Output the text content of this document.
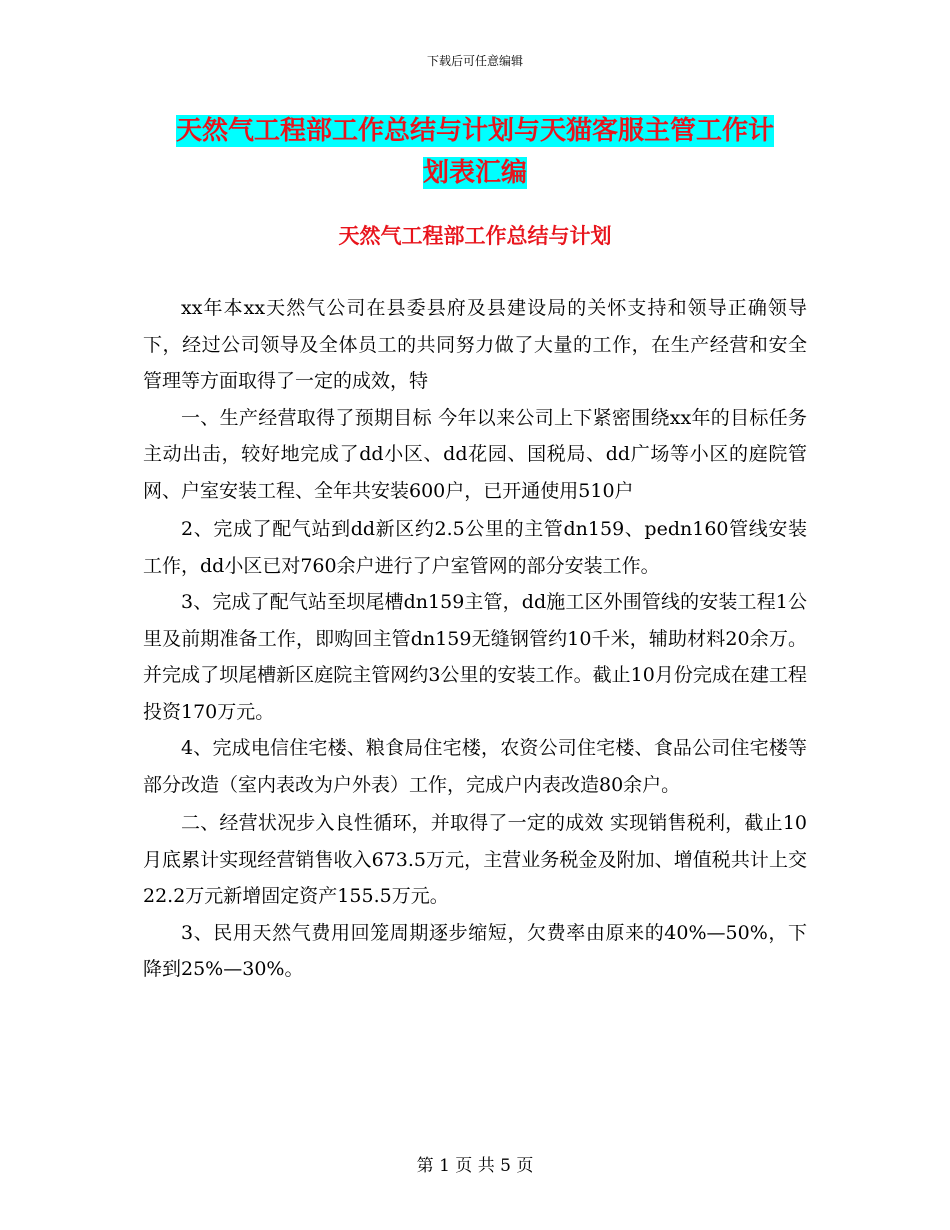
下载后可任意编辑
天然气工程部工作总结与计划与天猫客服主管工作计
划表汇编
天然气工程部工作总结与计划

xx年本xx天然气公司在县委县府及县建设局的关怀支持和领导正确领导下，经过公司领导及全体员工的共同努力做了大量的工作，在生产经营和安全管理等方面取得了一定的成效，特

一、生产经营取得了预期目标 今年以来公司上下紧密围绕xx年的目标任务主动出击，较好地完成了dd小区、dd花园、国税局、dd广场等小区的庭院管网、户室安装工程、全年共安装600户，已开通使用510户

2、完成了配气站到dd新区约2.5公里的主管dn159、pedn160管线安装工作，dd小区已对760余户进行了户室管网的部分安装工作。

3、完成了配气站至坝尾槽dn159主管，dd施工区外围管线的安装工程1公里及前期准备工作，即购回主管dn159无缝钢管约10千米，辅助材料20余万。并完成了坝尾槽新区庭院主管网约3公里的安装工作。截止10月份完成在建工程投资170万元。

4、完成电信住宅楼、粮食局住宅楼，农资公司住宅楼、食品公司住宅楼等部分改造（室内表改为户外表）工作，完成户内表改造80余户。

二、经营状况步入良性循环，并取得了一定的成效 实现销售税利，截止10月底累计实现经营销售收入673.5万元，主营业务税金及附加、增值税共计上交22.2万元新增固定资产155.5万元。

3、民用天然气费用回笼周期逐步缩短，欠费率由原来的40%—50%，下降到25%—30%。

第 1 页 共 5 页
